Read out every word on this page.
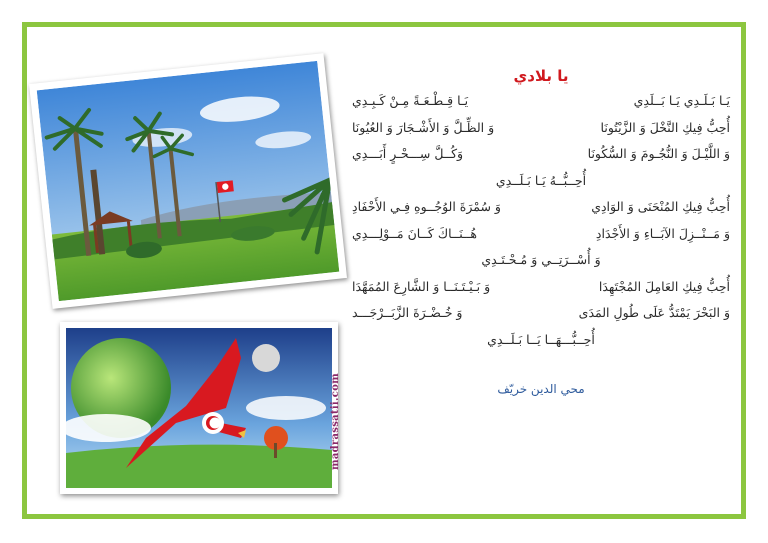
madrassatii.com
يا بلادي
يَـا بَـلَـدِي يَـا بَــلَدِي
يَـا قِـطْـعَـةً مِـنْ كَـبِـدِي
أُحِبُّ فِيكِ النَّخْلَ وَ الزَّيْتُونَا
وَ الظِّـلَّ وَ الأَشْـجَارَ وَ العُيُونَا
وَ اللَّيْـلَ وَ النُّجُـومَ وَ السُّكُونَا
وَكُــلَّ سِـــحْـرٍ أَبَـــدِي
أُحِــبُّــهُ يَـا بَـلَــدِي
أُحِبُّ فِيكِ المُنْحَنَى وَ الوَادِي
وَ سُمْرَةَ الوُجُــوهِ فِـي الأَحْفَادِ
وَ مَــنْــزِلَ الآبَــاءِ وَ الأَجْدَادِ
هُــنَــاكَ كَــانَ مَــوْلِـــدِي
وَ أُسْــرَتِــي وَ مُـحْـتَـدِي
أُحِبُّ فِيكِ العَامِلَ المُجْتَهِدَا
وَ بَـيْـتَـنَــا وَ الشَّارِعَ المُمَهَّدَا
وَ البَحْرَ يَمْتَدُّ عَلَى طُولِ المَدَى
وَ خُـضْـرَةَ الزَّبَــرْجَـــد
أُحِــبُّـــهَــا يَــا بَـلَــدِي
محي الدين خريّف
